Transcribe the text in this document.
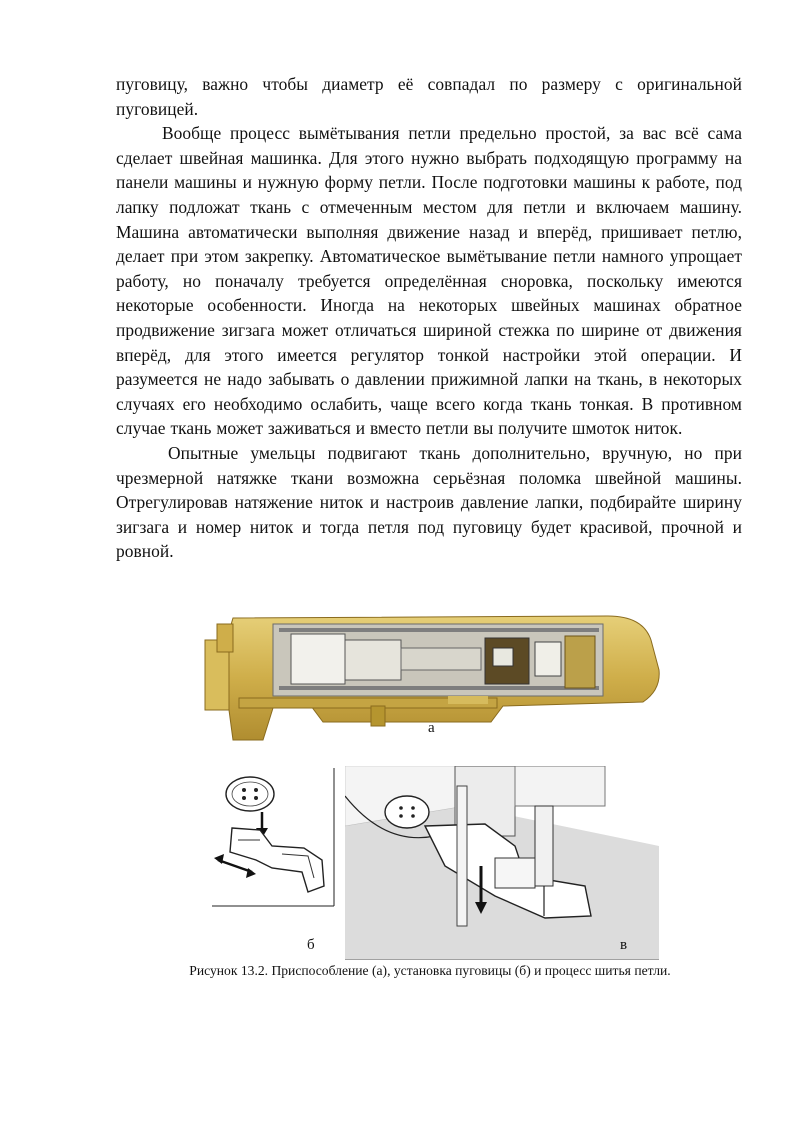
пуговицу, важно чтобы диаметр её совпадал по размеру с оригинальной пуговицей.

Вообще процесс вымётывания петли предельно простой, за вас всё сама сделает швейная машинка. Для этого нужно выбрать подходящую программу на панели машины и нужную форму петли. После подготовки машины к работе, под лапку подложат ткань с отмеченным местом для петли и включаем машину. Машина автоматически выполняя движение назад и вперёд, пришивает петлю, делает при этом закрепку. Автоматическое вымётывание петли намного упрощает работу, но поначалу требуется определённая сноровка, поскольку имеются некоторые особенности. Иногда на некоторых швейных машинах обратное продвижение зигзага может отличаться шириной стежка по ширине от движения вперёд, для этого имеется регулятор тонкой настройки этой операции. И разумеется не надо забывать о давлении прижимной лапки на ткань, в некоторых случаях его необходимо ослабить, чаще всего когда ткань тонкая. В противном случае ткань может заживаться и вместо петли вы получите шмоток ниток.

Опытные умельцы подвигают ткань дополнительно, вручную, но при чрезмерной натяжке ткани возможна серьёзная поломка швейной машины. Отрегулировав натяжение ниток и настроив давление лапки, подбирайте ширину зигзага и номер ниток и тогда петля под пуговицу будет красивой, прочной и ровной.

а
б	в
Рисунок 13.2. Приспособление (а), установка пуговицы (б) и процесс шитья петли.
